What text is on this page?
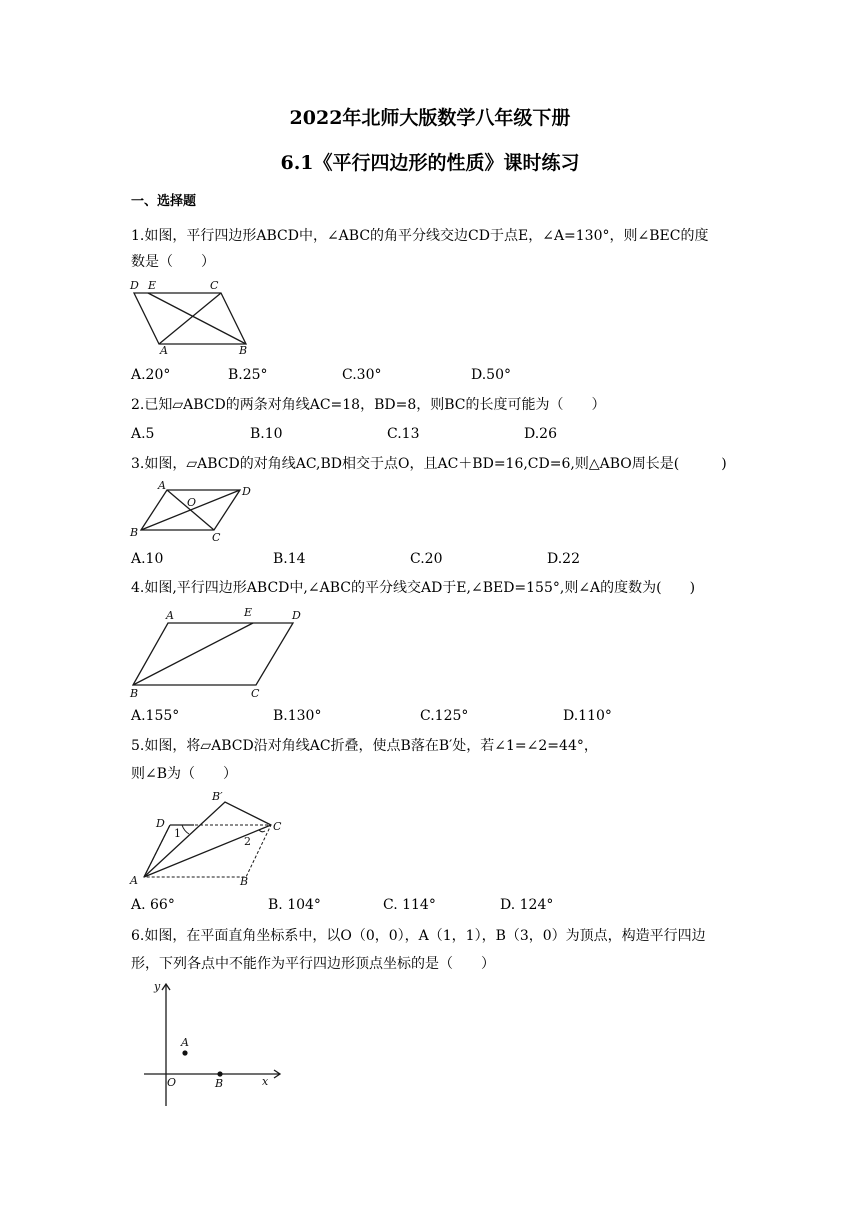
2022年北师大版数学八年级下册
6.1《平行四边形的性质》课时练习
一、选择题
1.如图，平行四边形ABCD中，∠ABC的角平分线交边CD于点E，∠A=130°，则∠BEC的度
数是（　　）
D E	C
A	B
A.20°	B.25°	C.30°	D.50°
2.已知▱ABCD的两条对角线AC=18，BD=8，则BC的长度可能为（　　）
A.5	B.10	C.13	D.26
3.如图，▱ABCD的对角线AC,BD相交于点O，且AC＋BD=16,CD=6,则△ABO周长是(　　　)
A	D
O
B	C
A.10	B.14	C.20	D.22
4.如图,平行四边形ABCD中,∠ABC的平分线交AD于E,∠BED=155°,则∠A的度数为(　　)
A	E	D
B	C
A.155°	B.130°	C.125°	D.110°
5.如图，将▱ABCD沿对角线AC折叠，使点B落在B′处，若∠1=∠2=44°，
则∠B为（　　）
B′
D
1
C
2
A	B
A. 66°	B. 104°	C. 114°	D. 124°
6.如图，在平面直角坐标系中，以O（0，0），A（1，1），B（3，0）为顶点，构造平行四边
形，下列各点中不能作为平行四边形顶点坐标的是（　　）
y
A
O	B	x
